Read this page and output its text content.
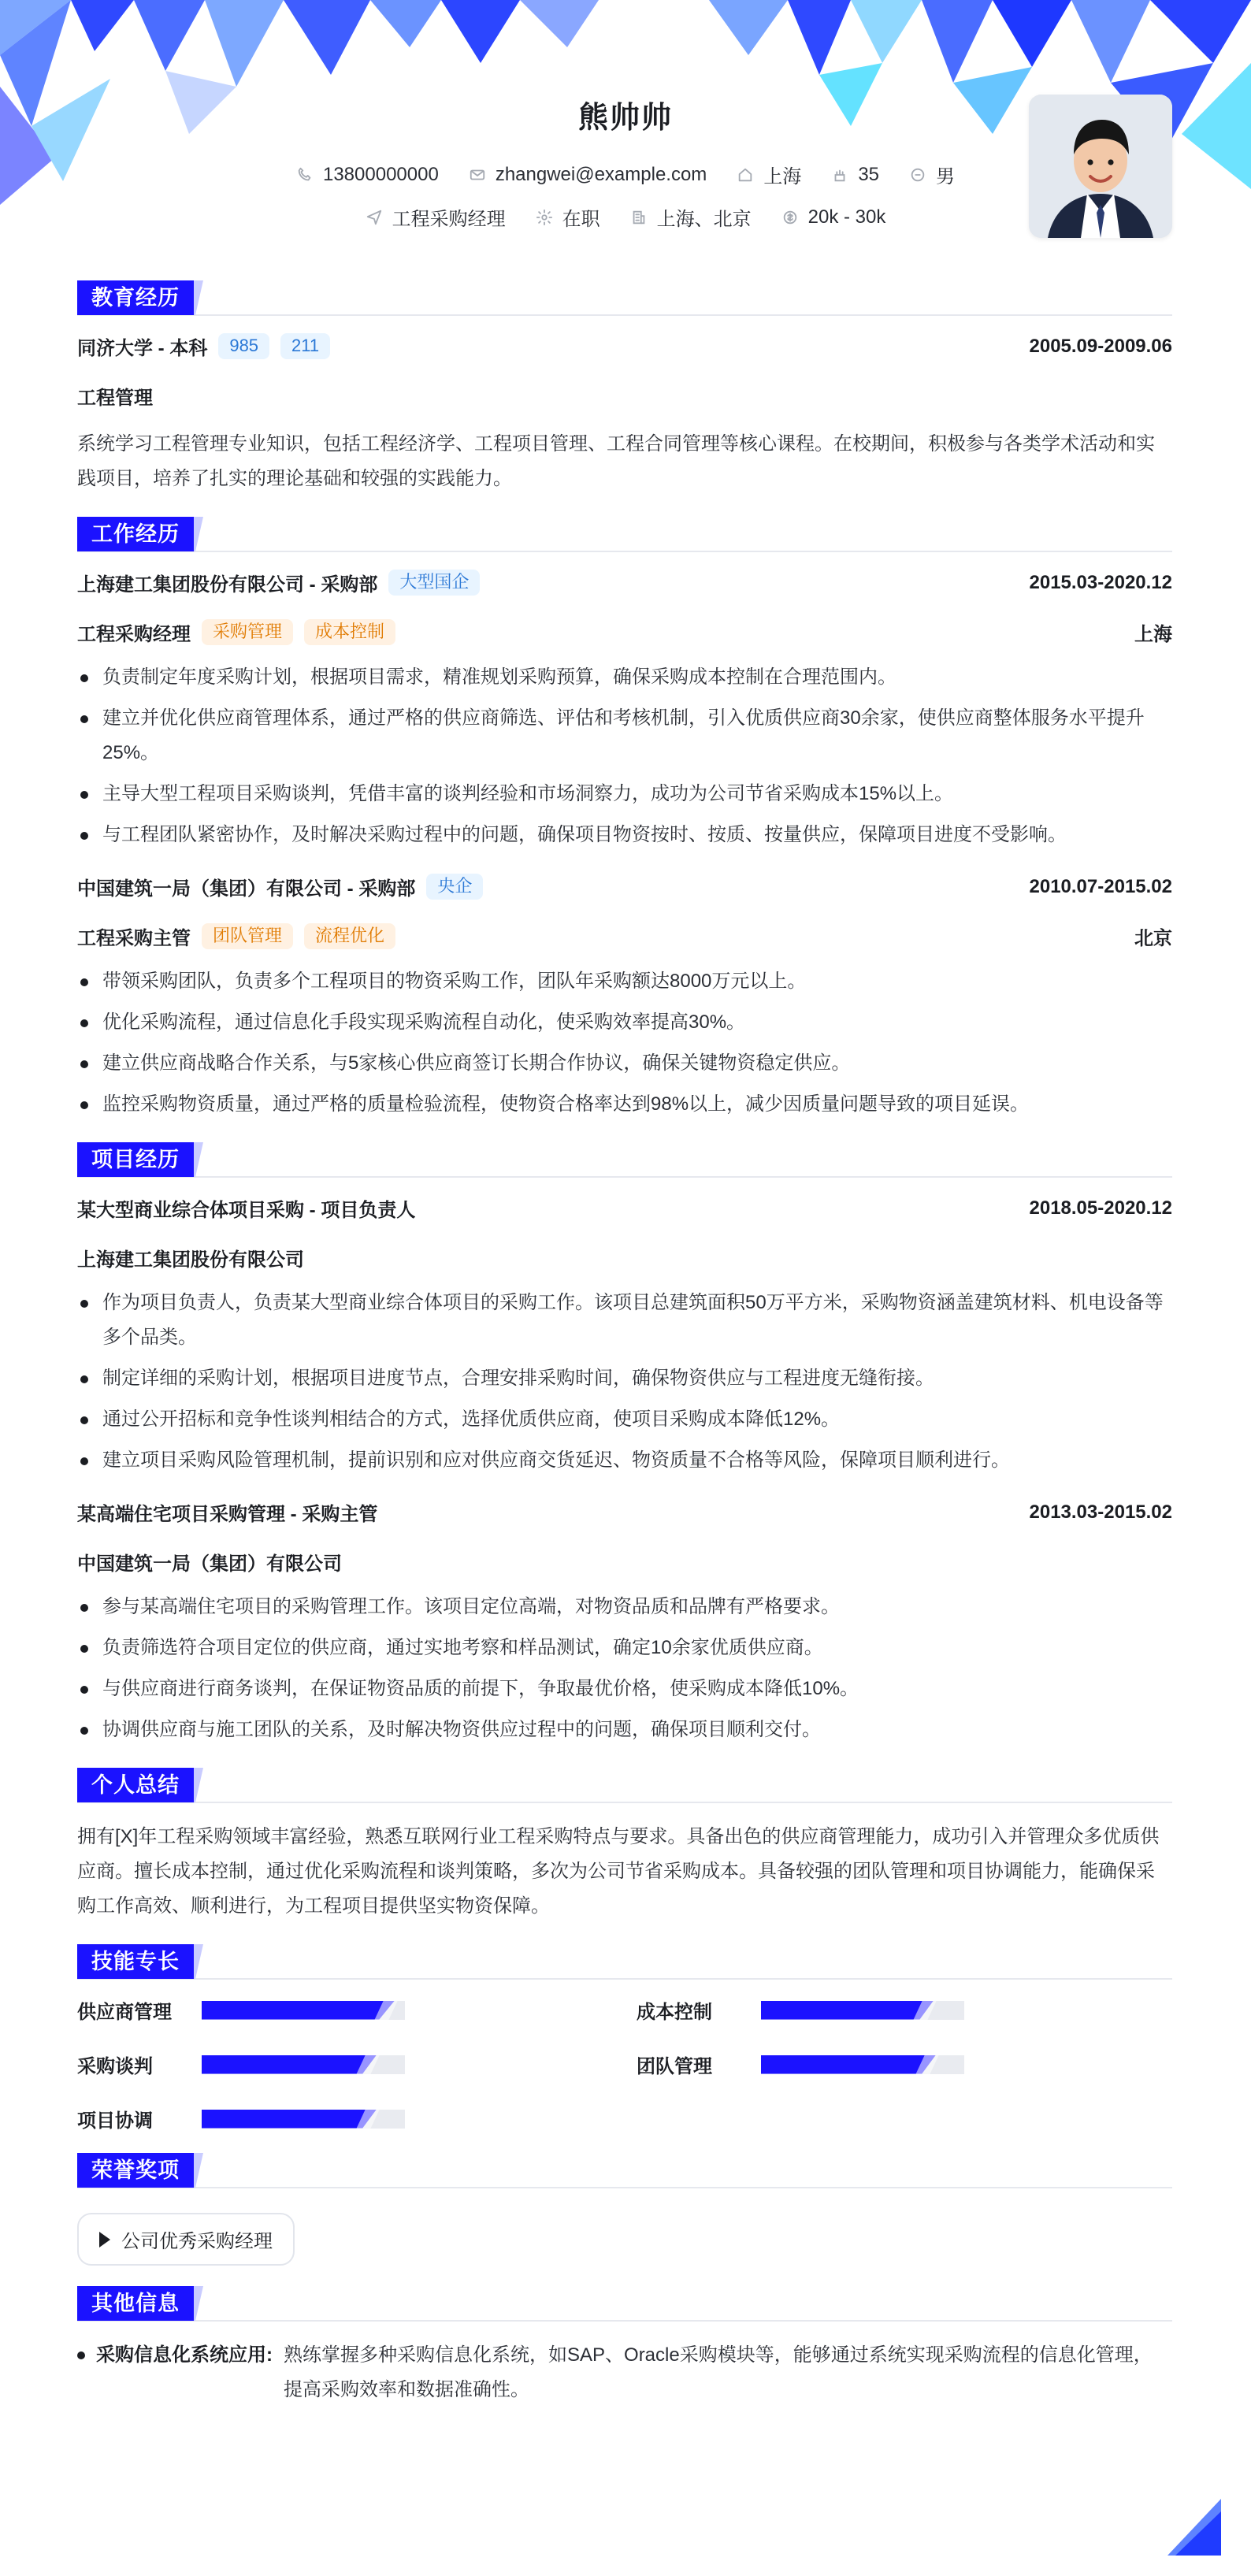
熊帅帅
13800000000	zhangwei@example.com	上海	35	男
工程采购经理	在职	上海、北京	20k - 30k
教育经历
同济大学 - 本科	985	211	2005.09-2009.06
工程管理
系统学习工程管理专业知识，包括工程经济学、工程项目管理、工程合同管理等核心课程。在校期间，积极参与各类学术活动和实践项目，培养了扎实的理论基础和较强的实践能力。
工作经历
上海建工集团股份有限公司 - 采购部	大型国企	2015.03-2020.12
工程采购经理	采购管理	成本控制	上海
负责制定年度采购计划，根据项目需求，精准规划采购预算，确保采购成本控制在合理范围内。
建立并优化供应商管理体系，通过严格的供应商筛选、评估和考核机制，引入优质供应商30余家，使供应商整体服务水平提升25%。
主导大型工程项目采购谈判，凭借丰富的谈判经验和市场洞察力，成功为公司节省采购成本15%以上。
与工程团队紧密协作，及时解决采购过程中的问题，确保项目物资按时、按质、按量供应，保障项目进度不受影响。
中国建筑一局（集团）有限公司 - 采购部	央企	2010.07-2015.02
工程采购主管	团队管理	流程优化	北京
带领采购团队，负责多个工程项目的物资采购工作，团队年采购额达8000万元以上。
优化采购流程，通过信息化手段实现采购流程自动化，使采购效率提高30%。
建立供应商战略合作关系，与5家核心供应商签订长期合作协议，确保关键物资稳定供应。
监控采购物资质量，通过严格的质量检验流程，使物资合格率达到98%以上，减少因质量问题导致的项目延误。
项目经历
某大型商业综合体项目采购 - 项目负责人	2018.05-2020.12
上海建工集团股份有限公司
作为项目负责人，负责某大型商业综合体项目的采购工作。该项目总建筑面积50万平方米，采购物资涵盖建筑材料、机电设备等多个品类。
制定详细的采购计划，根据项目进度节点，合理安排采购时间，确保物资供应与工程进度无缝衔接。
通过公开招标和竞争性谈判相结合的方式，选择优质供应商，使项目采购成本降低12%。
建立项目采购风险管理机制，提前识别和应对供应商交货延迟、物资质量不合格等风险，保障项目顺利进行。
某高端住宅项目采购管理 - 采购主管	2013.03-2015.02
中国建筑一局（集团）有限公司
参与某高端住宅项目的采购管理工作。该项目定位高端，对物资品质和品牌有严格要求。
负责筛选符合项目定位的供应商，通过实地考察和样品测试，确定10余家优质供应商。
与供应商进行商务谈判，在保证物资品质的前提下，争取最优价格，使采购成本降低10%。
协调供应商与施工团队的关系，及时解决物资供应过程中的问题，确保项目顺利交付。
个人总结
拥有[X]年工程采购领域丰富经验，熟悉互联网行业工程采购特点与要求。具备出色的供应商管理能力，成功引入并管理众多优质供应商。擅长成本控制，通过优化采购流程和谈判策略，多次为公司节省采购成本。具备较强的团队管理和项目协调能力，能确保采购工作高效、顺利进行，为工程项目提供坚实物资保障。
技能专长
供应商管理	成本控制
采购谈判	团队管理
项目协调
荣誉奖项
公司优秀采购经理
其他信息
采购信息化系统应用: 熟练掌握多种采购信息化系统，如SAP、Oracle采购模块等，能够通过系统实现采购流程的信息化管理，
提高采购效率和数据准确性。
